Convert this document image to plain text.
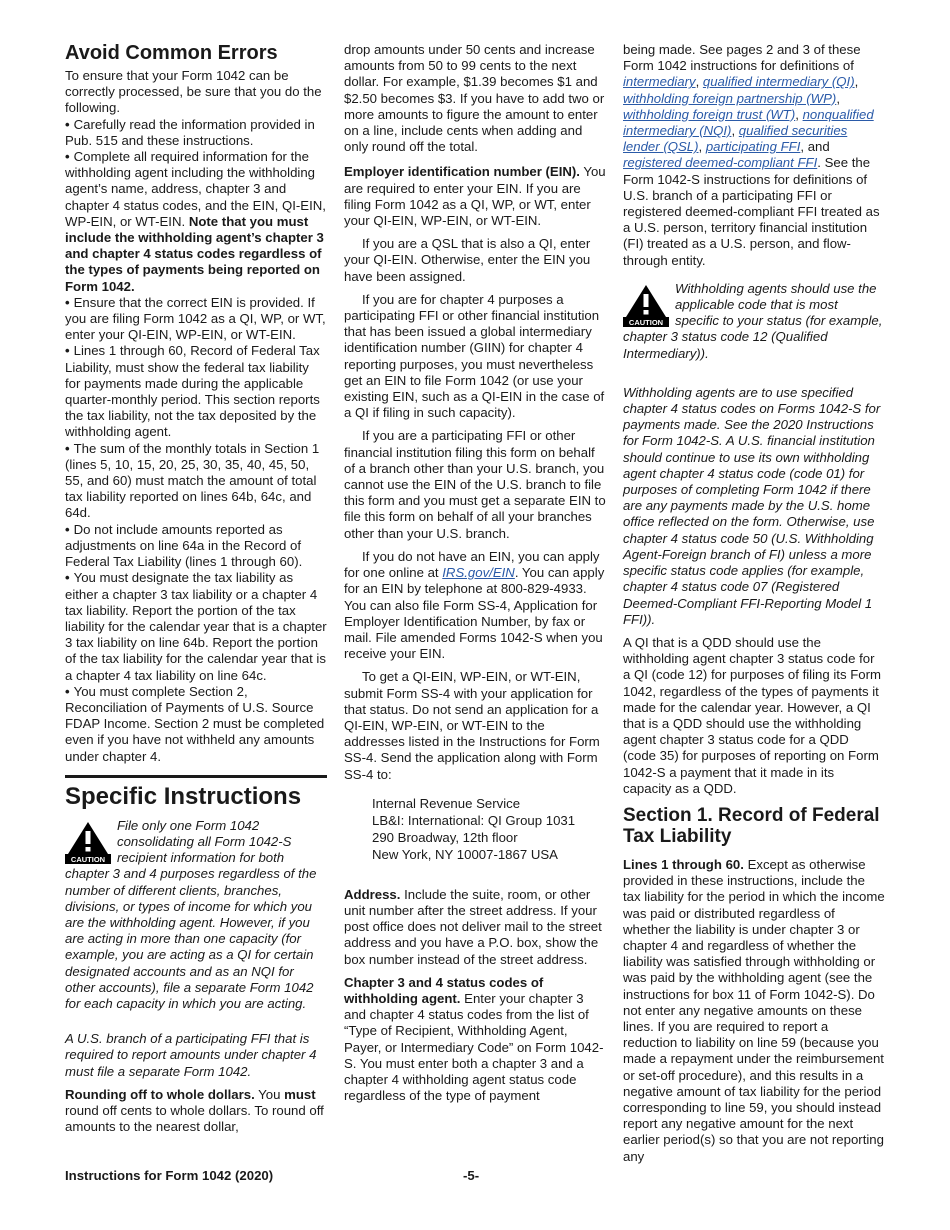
Avoid Common Errors

To ensure that your Form 1042 can be correctly processed, be sure that you do the following.

• Carefully read the information provided in Pub. 515 and these instructions.

• Complete all required information for the withholding agent including the withholding agent’s name, address, chapter 3 and chapter 4 status codes, and the EIN, QI-EIN, WP-EIN, or WT-EIN. Note that you must include the withholding agent’s chapter 3 and chapter 4 status codes regardless of the types of payments being reported on Form 1042.

• Ensure that the correct EIN is provided. If you are filing Form 1042 as a QI, WP, or WT, enter your QI-EIN, WP-EIN, or WT-EIN.

• Lines 1 through 60, Record of Federal Tax Liability, must show the federal tax liability for payments made during the applicable quarter-monthly period. This section reports the tax liability, not the tax deposited by the withholding agent.

• The sum of the monthly totals in Section 1 (lines 5, 10, 15, 20, 25, 30, 35, 40, 45, 50, 55, and 60) must match the amount of total tax liability reported on lines 64b, 64c, and 64d.

• Do not include amounts reported as adjustments on line 64a in the Record of Federal Tax Liability (lines 1 through 60).

• You must designate the tax liability as either a chapter 3 tax liability or a chapter 4 tax liability. Report the portion of the tax liability for the calendar year that is a chapter 3 tax liability on line 64b. Report the portion of the tax liability for the calendar year that is a chapter 4 tax liability on line 64c.

• You must complete Section 2, Reconciliation of Payments of U.S. Source FDAP Income. Section 2 must be completed even if you have not withheld any amounts under chapter 4.

Specific Instructions
CAUTION

File only one Form 1042 consolidating all Form 1042-S recipient information for both chapter 3 and 4 purposes regardless of the number of different clients, branches, divisions, or types of income for which you are the withholding agent. However, if you are acting in more than one capacity (for example, you are acting as a QI for certain designated accounts and as an NQI for other accounts), file a separate Form 1042 for each capacity in which you are acting.

A U.S. branch of a participating FFI that is required to report amounts under chapter 4 must file a separate Form 1042.

Rounding off to whole dollars. You must round off cents to whole dollars. To round off amounts to the nearest dollar,

drop amounts under 50 cents and increase amounts from 50 to 99 cents to the next dollar. For example, $1.39 becomes $1 and $2.50 becomes $3. If you have to add two or more amounts to figure the amount to enter on a line, include cents when adding and only round off the total.

Employer identification number (EIN). You are required to enter your EIN. If you are filing Form 1042 as a QI, WP, or WT, enter your QI-EIN, WP-EIN, or WT-EIN.

If you are a QSL that is also a QI, enter your QI-EIN. Otherwise, enter the EIN you have been assigned.

If you are for chapter 4 purposes a participating FFI or other financial institution that has been issued a global intermediary identification number (GIIN) for chapter 4 reporting purposes, you must nevertheless get an EIN to file Form 1042 (or use your existing EIN, such as a QI-EIN in the case of a QI if filing in such capacity).

If you are a participating FFI or other financial institution filing this form on behalf of a branch other than your U.S. branch, you cannot use the EIN of the U.S. branch to file this form and you must get a separate EIN to file this form on behalf of all your branches other than your U.S. branch.

If you do not have an EIN, you can apply for one online at IRS.gov/EIN. You can apply for an EIN by telephone at 800-829-4933. You can also file Form SS-4, Application for Employer Identification Number, by fax or mail. File amended Forms 1042-S when you receive your EIN.

To get a QI-EIN, WP-EIN, or WT-EIN, submit Form SS-4 with your application for that status. Do not send an application for a QI-EIN, WP-EIN, or WT-EIN to the addresses listed in the Instructions for Form SS-4. Send the application along with Form SS-4 to:

Internal Revenue Service
LB&I: International: QI Group 1031
290 Broadway, 12th floor
New York, NY 10007-1867 USA

Address. Include the suite, room, or other unit number after the street address. If your post office does not deliver mail to the street address and you have a P.O. box, show the box number instead of the street address.

Chapter 3 and 4 status codes of withholding agent. Enter your chapter 3 and chapter 4 status codes from the list of “Type of Recipient, Withholding Agent, Payer, or Intermediary Code” on Form 1042-S. You must enter both a chapter 3 and a chapter 4 withholding agent status code regardless of the type of payment

being made. See pages 2 and 3 of these Form 1042 instructions for definitions of intermediary, qualified intermediary (QI), withholding foreign partnership (WP), withholding foreign trust (WT), nonqualified intermediary (NQI), qualified securities lender (QSL), participating FFI, and registered deemed-compliant FFI. See the Form 1042-S instructions for definitions of U.S. branch of a participating FFI or registered deemed-compliant FFI treated as a U.S. person, territory financial institution (FI) treated as a U.S. person, and flow-through entity.

CAUTION

Withholding agents should use the applicable code that is most specific to your status (for example, chapter 3 status code 12 (Qualified Intermediary)).

Withholding agents are to use specified chapter 4 status codes on Forms 1042-S for payments made. See the 2020 Instructions for Form 1042-S. A U.S. financial institution should continue to use its own withholding agent chapter 4 status code (code 01) for purposes of completing Form 1042 if there are any payments made by the U.S. home office reflected on the form. Otherwise, use chapter 4 status code 50 (U.S. Withholding Agent-Foreign branch of FI) unless a more specific status code applies (for example, chapter 4 status code 07 (Registered Deemed-Compliant FFI-Reporting Model 1 FFI)).

A QI that is a QDD should use the withholding agent chapter 3 status code for a QI (code 12) for purposes of filing its Form 1042, regardless of the types of payments it made for the calendar year. However, a QI that is a QDD should use the withholding agent chapter 3 status code for a QDD (code 35) for purposes of reporting on Form 1042-S a payment that it made in its capacity as a QDD.

Section 1. Record of Federal Tax Liability

Lines 1 through 60. Except as otherwise provided in these instructions, include the tax liability for the period in which the income was paid or distributed regardless of whether the liability is under chapter 3 or chapter 4 and regardless of whether the liability was satisfied through withholding or was paid by the withholding agent (see the instructions for box 11 of Form 1042-S). Do not enter any negative amounts on these lines. If you are required to report a reduction to liability on line 59 (because you made a repayment under the reimbursement or set-off procedure), and this results in a negative amount of tax liability for the period corresponding to line 59, you should instead report any negative amount for the next earlier period(s) so that you are not reporting any

Instructions for Form 1042 (2020)	-5-
